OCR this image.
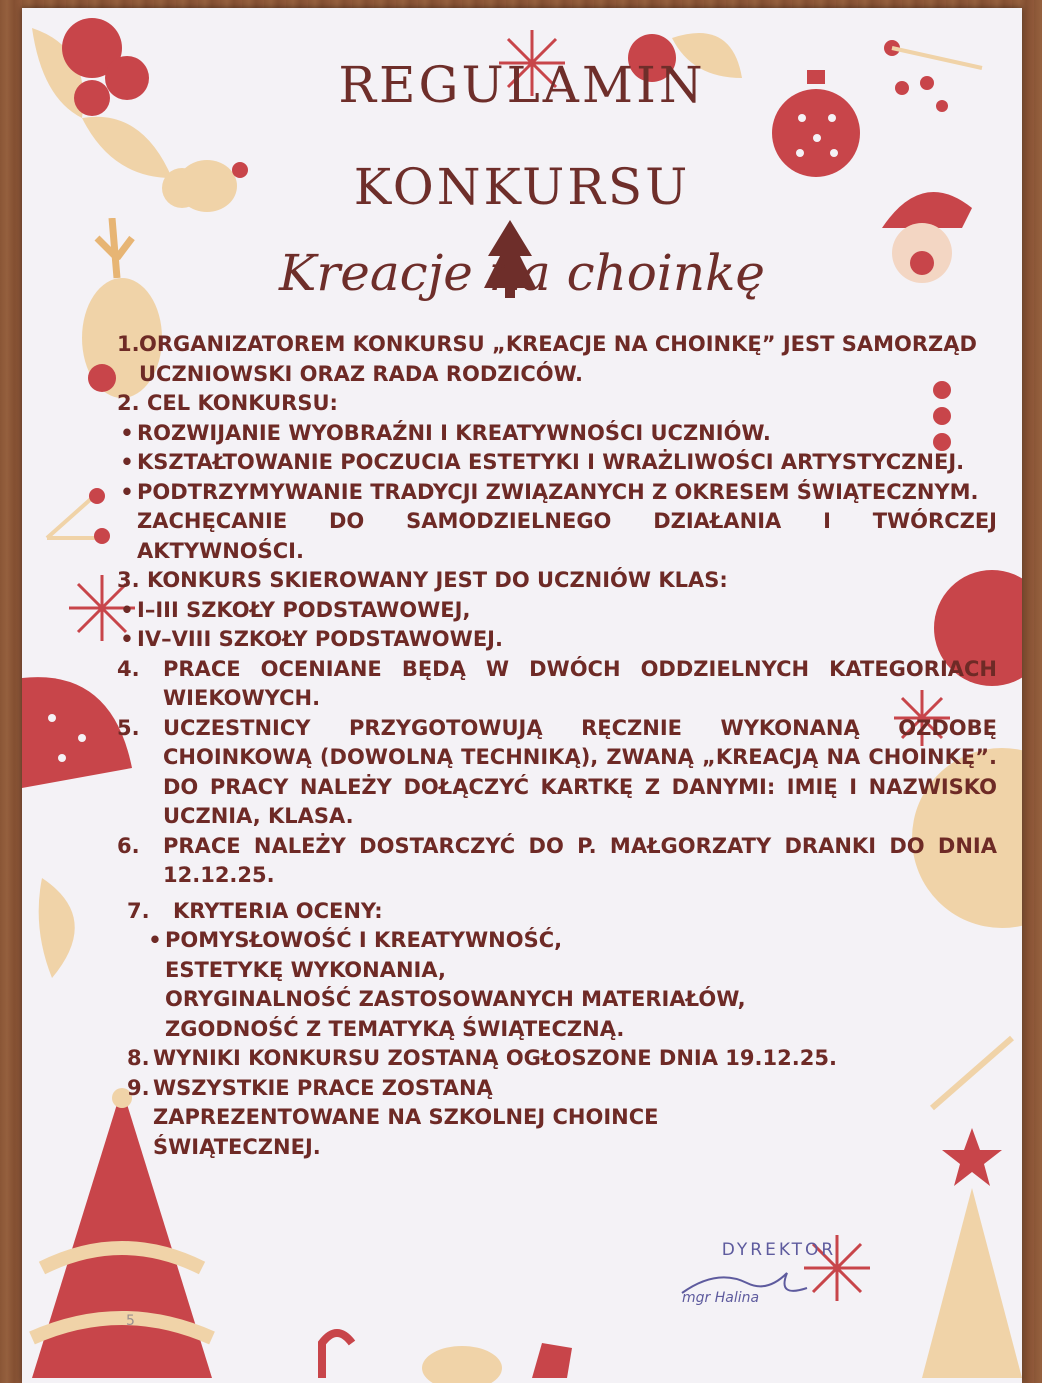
REGULAMIN
KONKURSU
Kreacje na choinkę
1. ORGANIZATOREM KONKURSU „KREACJE NA CHOINKĘ” JEST SAMORZĄD UCZNIOWSKI ORAZ RADA RODZICÓW.
2. CEL KONKURSU:
• ROZWIJANIE WYOBRAŹNI I KREATYWNOŚCI UCZNIÓW.
• KSZTAŁTOWANIE POCZUCIA ESTETYKI I WRAŻLIWOŚCI ARTYSTYCZNEJ.
• PODTRZYMYWANIE TRADYCJI ZWIĄZANYCH Z OKRESEM ŚWIĄTECZNYM.
ZACHĘCANIE DO SAMODZIELNEGO DZIAŁANIA I TWÓRCZEJ AKTYWNOŚCI.
3. KONKURS SKIEROWANY JEST DO UCZNIÓW KLAS:
• I–III SZKOŁY PODSTAWOWEJ,
• IV–VIII SZKOŁY PODSTAWOWEJ.
4.	PRACE OCENIANE BĘDĄ W DWÓCH ODDZIELNYCH KATEGORIACH WIEKOWYCH.
5.	UCZESTNICY PRZYGOTOWUJĄ RĘCZNIE WYKONANĄ OZDOBĘ CHOINKOWĄ (DOWOLNĄ TECHNIKĄ), ZWANĄ „KREACJĄ NA CHOINKĘ”. DO PRACY NALEŻY DOŁĄCZYĆ KARTKĘ Z DANYMI: IMIĘ I NAZWISKO UCZNIA, KLASA.
6.	PRACE NALEŻY DOSTARCZYĆ DO P. MAŁGORZATY DRANKI DO DNIA 12.12.25.
7.	KRYTERIA OCENY:
• POMYSŁOWOŚĆ I KREATYWNOŚĆ,
ESTETYKĘ WYKONANIA,
ORYGINALNOŚĆ ZASTOSOWANYCH MATERIAŁÓW,
ZGODNOŚĆ Z TEMATYKĄ ŚWIĄTECZNĄ.
8. WYNIKI KONKURSU ZOSTANĄ OGŁOSZONE DNIA 19.12.25.
9. WSZYSTKIE PRACE ZOSTANĄ ZAPREZENTOWANE NA SZKOLNEJ CHOINCE ŚWIĄTECZNEJ.
DYREKTOR
mgr Halina
5
